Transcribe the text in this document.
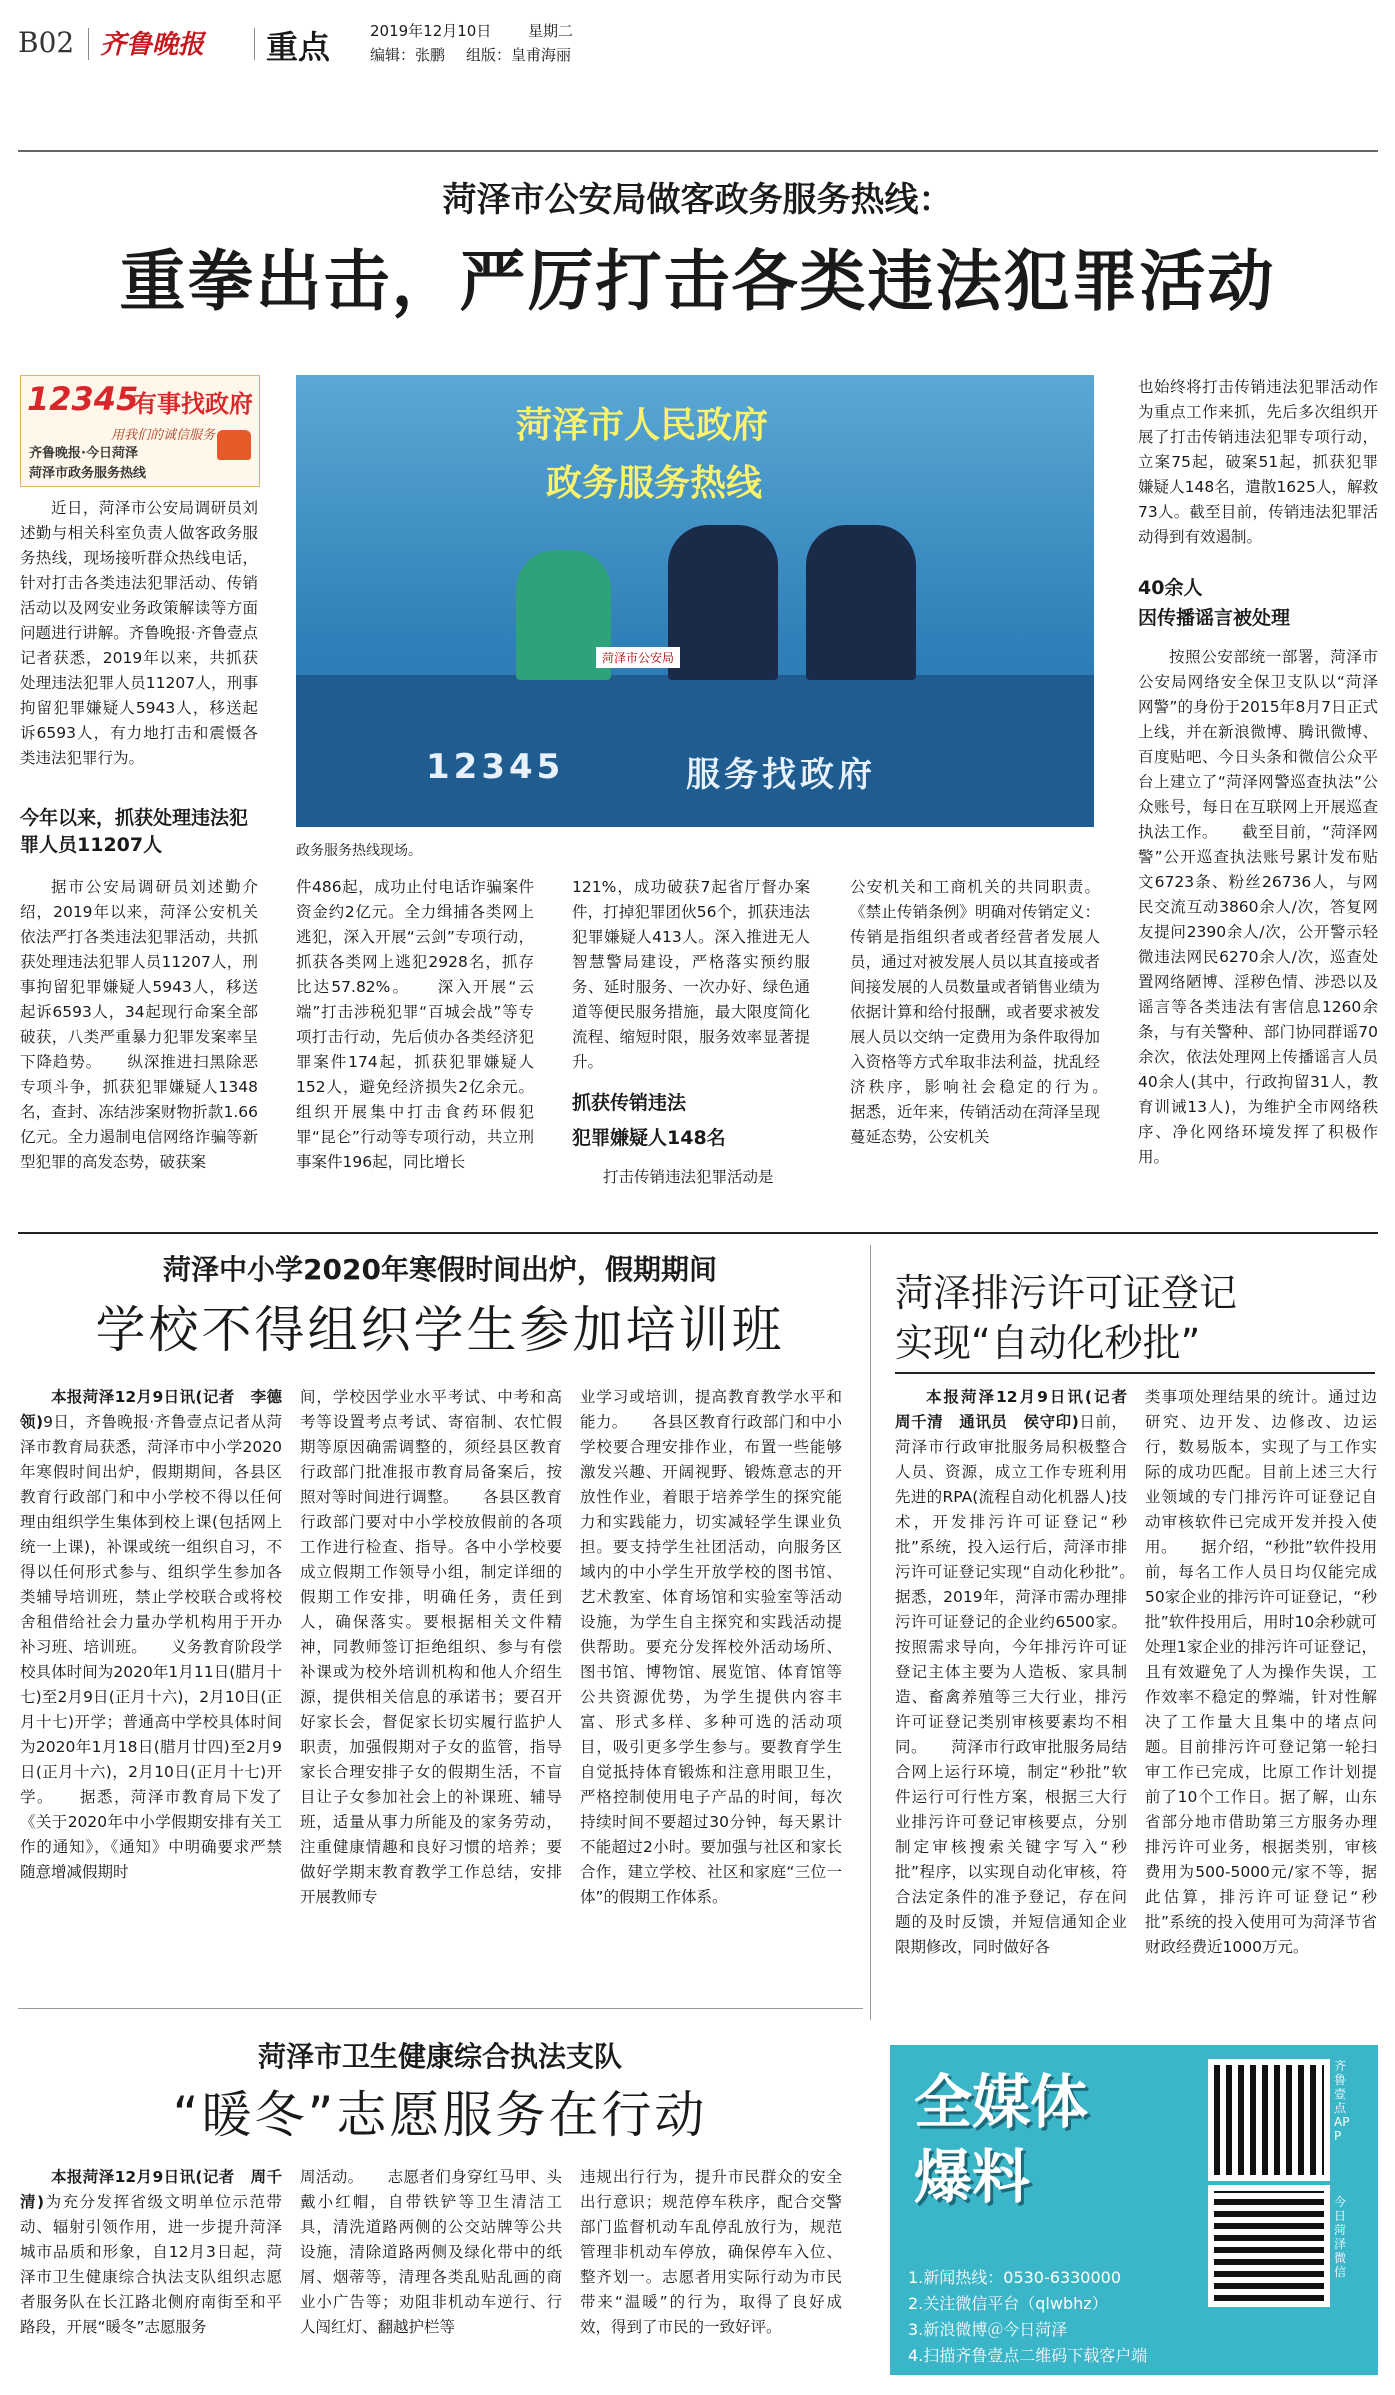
B02 齐鲁晚报 重点	2019年12月10日 星期二
编辑：张鹏 组版：皇甫海丽
菏泽市公安局做客政务服务热线：
重拳出击，严厉打击各类违法犯罪活动
12345
有事找政府
用我们的诚信服务
齐鲁晚报·今日菏泽
菏泽市政务服务热线

近日，菏泽市公安局调研员刘述勤与相关科室负责人做客政务服务热线，现场接听群众热线电话，针对打击各类违法犯罪活动、传销活动以及网安业务政策解读等方面问题进行讲解。齐鲁晚报·齐鲁壹点记者获悉，2019年以来，共抓获处理违法犯罪人员11207人，刑事拘留犯罪嫌疑人5943人，移送起诉6593人，有力地打击和震慑各类违法犯罪行为。

今年以来，抓获处理违法犯罪人员11207人
菏泽市人民政府
政务服务热线
菏泽市公安局
12345	服务找政府
政务服务热线现场。

也始终将打击传销违法犯罪活动作为重点工作来抓，先后多次组织开展了打击传销违法犯罪专项行动，立案75起，破案51起，抓获犯罪嫌疑人148名，遣散1625人，解救73人。截至目前，传销违法犯罪活动得到有效遏制。

40余人
因传播谣言被处理

按照公安部统一部署，菏泽市公安局网络安全保卫支队以“菏泽网警”的身份于2015年8月7日正式上线，并在新浪微博、腾讯微博、百度贴吧、今日头条和微信公众平台上建立了“菏泽网警巡查执法”公众账号，每日在互联网上开展巡查执法工作。　　截至目前，“菏泽网警”公开巡查执法账号累计发布贴文6723条、粉丝26736人，与网民交流互动3860余人/次，答复网友提问2390余人/次，公开警示轻微违法网民6270余人/次，巡查处置网络陋博、淫秽色情、涉恐以及谣言等各类违法有害信息1260余条，与有关警种、部门协同群谣70余次，依法处理网上传播谣言人员40余人(其中，行政拘留31人，教育训诫13人)，为维护全市网络秩序、净化网络环境发挥了积极作用。

据市公安局调研员刘述勤介绍，2019年以来，菏泽公安机关依法严打各类违法犯罪活动，共抓获处理违法犯罪人员11207人，刑事拘留犯罪嫌疑人5943人，移送起诉6593人，34起现行命案全部破获，八类严重暴力犯罪发案率呈下降趋势。　　纵深推进扫黑除恶专项斗争，抓获犯罪嫌疑人1348名，查封、冻结涉案财物折款1.66亿元。全力遏制电信网络诈骗等新型犯罪的高发态势，破获案

件486起，成功止付电话诈骗案件资金约2亿元。全力缉捕各类网上逃犯，深入开展“云剑”专项行动，抓获各类网上逃犯2928名，抓存比达57.82%。　　深入开展“云端”打击涉税犯罪“百城会战”等专项打击行动，先后侦办各类经济犯罪案件174起，抓获犯罪嫌疑人152人，避免经济损失2亿余元。组织开展集中打击食药环假犯罪“昆仑”行动等专项行动，共立刑事案件196起，同比增长

121%，成功破获7起省厅督办案件，打掉犯罪团伙56个，抓获违法犯罪嫌疑人413人。深入推进无人智慧警局建设，严格落实预约服务、延时服务、一次办好、绿色通道等便民服务措施，最大限度简化流程、缩短时限，服务效率显著提升。

抓获传销违法
犯罪嫌疑人148名

打击传销违法犯罪活动是

公安机关和工商机关的共同职责。《禁止传销条例》明确对传销定义：传销是指组织者或者经营者发展人员，通过对被发展人员以其直接或者间接发展的人员数量或者销售业绩为依据计算和给付报酬，或者要求被发展人员以交纳一定费用为条件取得加入资格等方式牟取非法利益，扰乱经济秩序，影响社会稳定的行为。　　据悉，近年来，传销活动在菏泽呈现蔓延态势，公安机关

菏泽中小学2020年寒假时间出炉，假期期间
学校不得组织学生参加培训班

本报菏泽12月9日讯(记者　李德领)9日，齐鲁晚报·齐鲁壹点记者从菏泽市教育局获悉，菏泽市中小学2020年寒假时间出炉，假期期间，各县区教育行政部门和中小学校不得以任何理由组织学生集体到校上课(包括网上统一上课)，补课或统一组织自习，不得以任何形式参与、组织学生参加各类辅导培训班，禁止学校联合或将校舍租借给社会力量办学机构用于开办补习班、培训班。　　义务教育阶段学校具体时间为2020年1月11日(腊月十七)至2月9日(正月十六)，2月10日(正月十七)开学；普通高中学校具体时间为2020年1月18日(腊月廿四)至2月9日(正月十六)，2月10日(正月十七)开学。　　据悉，菏泽市教育局下发了《关于2020年中小学假期安排有关工作的通知》，《通知》中明确要求严禁随意增减假期时

间，学校因学业水平考试、中考和高考等设置考点考试、寄宿制、农忙假期等原因确需调整的，须经县区教育行政部门批准报市教育局备案后，按照对等时间进行调整。　　各县区教育行政部门要对中小学校放假前的各项工作进行检查、指导。各中小学校要成立假期工作领导小组，制定详细的假期工作安排，明确任务，责任到人，确保落实。要根据相关文件精神，同教师签订拒绝组织、参与有偿补课或为校外培训机构和他人介绍生源，提供相关信息的承诺书；要召开好家长会，督促家长切实履行监护人职责，加强假期对子女的监管，指导家长合理安排子女的假期生活，不盲目让子女参加社会上的补课班、辅导班，适量从事力所能及的家务劳动，注重健康情趣和良好习惯的培养；要做好学期末教育教学工作总结，安排开展教师专

业学习或培训，提高教育教学水平和能力。　　各县区教育行政部门和中小学校要合理安排作业，布置一些能够激发兴趣、开阔视野、锻炼意志的开放性作业，着眼于培养学生的探究能力和实践能力，切实减轻学生课业负担。要支持学生社团活动，向服务区域内的中小学生开放学校的图书馆、艺术教室、体育场馆和实验室等活动设施，为学生自主探究和实践活动提供帮助。要充分发挥校外活动场所、图书馆、博物馆、展览馆、体育馆等公共资源优势，为学生提供内容丰富、形式多样、多种可选的活动项目，吸引更多学生参与。要教育学生自觉抵持体育锻炼和注意用眼卫生，严格控制使用电子产品的时间，每次持续时间不要超过30分钟，每天累计不能超过2小时。要加强与社区和家长合作，建立学校、社区和家庭“三位一体”的假期工作体系。

菏泽排污许可证登记
实现“自动化秒批”

本报菏泽12月9日讯(记者　周千清　通讯员　侯守印)日前，菏泽市行政审批服务局积极整合人员、资源，成立工作专班利用先进的RPA(流程自动化机器人)技术，开发排污许可证登记“秒批”系统，投入运行后，菏泽市排污许可证登记实现“自动化秒批”。　　据悉，2019年，菏泽市需办理排污许可证登记的企业约6500家。按照需求导向，今年排污许可证登记主体主要为人造板、家具制造、畜禽养殖等三大行业，排污许可证登记类别审核要素均不相同。　　菏泽市行政审批服务局结合网上运行环境，制定“秒批”软件运行可行性方案，根据三大行业排污许可登记审核要点，分别制定审核搜索关键字写入“秒批”程序，以实现自动化审核，符合法定条件的准予登记，存在问题的及时反馈，并短信通知企业限期修改，同时做好各

类事项处理结果的统计。通过边研究、边开发、边修改、边运行，数易版本，实现了与工作实际的成功匹配。目前上述三大行业领域的专门排污许可证登记自动审核软件已完成开发并投入使用。　　据介绍，“秒批”软件投用前，每名工作人员日均仅能完成50家企业的排污许可证登记，“秒批”软件投用后，用时10余秒就可处理1家企业的排污许可证登记，且有效避免了人为操作失误，工作效率不稳定的弊端，针对性解决了工作量大且集中的堵点问题。目前排污许可登记第一轮扫审工作已完成，比原工作计划提前了10个工作日。据了解，山东省部分地市借助第三方服务办理排污许可业务，根据类别，审核费用为500-5000元/家不等，据此估算，排污许可证登记“秒批”系统的投入使用可为菏泽节省财政经费近1000万元。

菏泽市卫生健康综合执法支队
“暖冬”志愿服务在行动

本报菏泽12月9日讯(记者　周千清)为充分发挥省级文明单位示范带动、辐射引领作用，进一步提升菏泽城市品质和形象，自12月3日起，菏泽市卫生健康综合执法支队组织志愿者服务队在长江路北侧府南街至和平路段，开展“暖冬”志愿服务

周活动。　　志愿者们身穿红马甲、头戴小红帽，自带铁铲等卫生清洁工具，清洗道路两侧的公交站牌等公共设施，清除道路两侧及绿化带中的纸屑、烟蒂等，清理各类乱贴乱画的商业小广告等；劝阻非机动车逆行、行人闯红灯、翻越护栏等

违规出行行为，提升市民群众的安全出行意识；规范停车秩序，配合交警部门监督机动车乱停乱放行为，规范管理非机动车停放，确保停车入位、整齐划一。志愿者用实际行动为市民带来“温暖”的行为，取得了良好成效，得到了市民的一致好评。

全媒体
爆料
齐鲁壹点APP
今日菏泽微信
1.新闻热线：0530-6330000
2.关注微信平台（qlwbhz）
3.新浪微博＠今日菏泽
4.扫描齐鲁壹点二维码下载客户端
